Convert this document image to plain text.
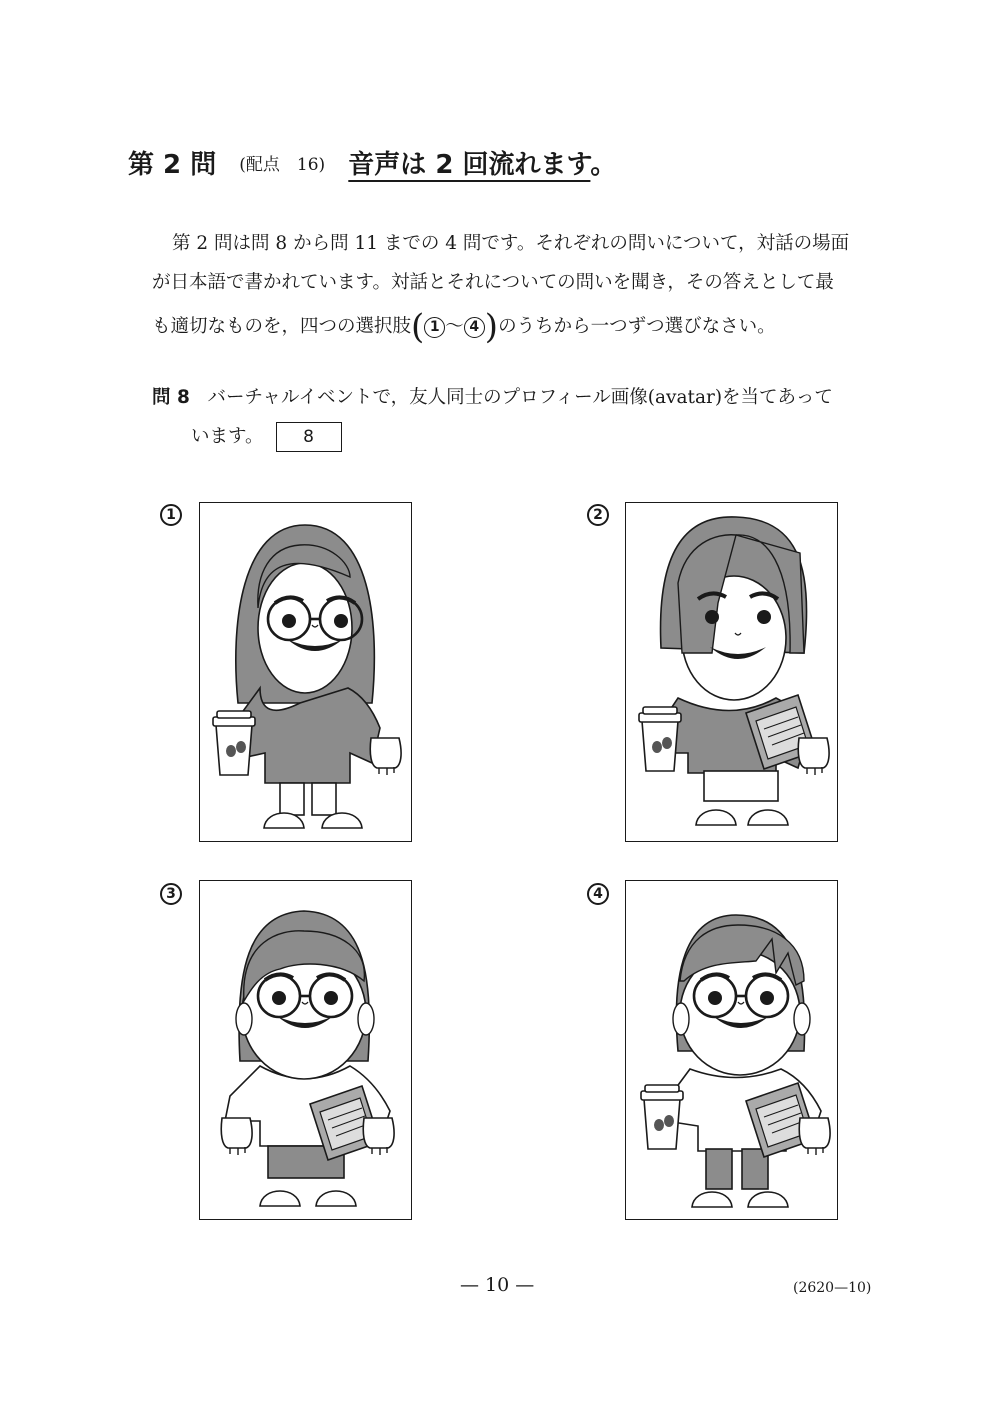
第 2 問 (配点　16) 音声は 2 回流れます。
第 2 問は問 8 から問 11 までの 4 問です。それぞれの問いについて，対話の場面
が日本語で書かれています。対話とそれについての問いを聞き，その答えとして最
も適切なものを，四つの選択肢( 1 ～ 4 )のうちから一つずつ選びなさい。
問 8 バーチャルイベントで，友人同士のプロフィール画像(avatar)を当てあって
います。 8
1	2
3	4
— 10 —	(2620—10)
